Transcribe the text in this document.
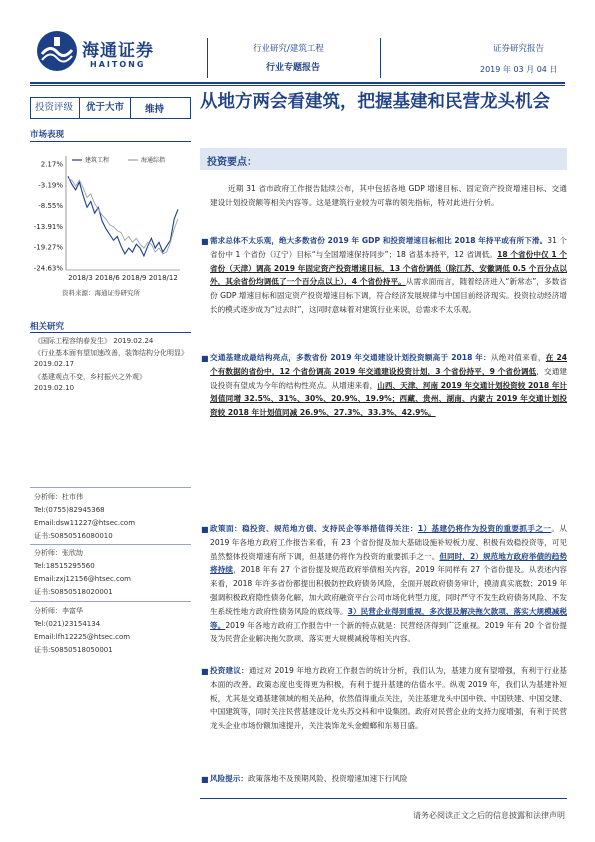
海通证券
HAITONG
行业研究/建筑工程
行业专题报告
证券研究报告
2019 年 03 月 04 日
投资评级	优于大市	维持
市场表现
2.17%
-3.19%
-8.55%
-13.91%
-19.27%
-24.63%
建筑工程	海通综指
2018/3 2018/6 2018/9 2018/12
资料来源：海通证券研究所
相关研究
《国际工程容纳春发生》 2019.02.24
《行业基本面有望加速改善，装饰结构分化明显》 2019.02.17
《基建观点不变，乡村振兴之外观》 2019.02.10
分析师：杜市伟
Tel:(0755)82945368
Email:dsw11227@htsec.com
证书:S0850516080010
分析师：张欣劼
Tel:18515295560
Email:zxj12156@htsec.com
证书:S0850518020001
分析师：李富华
Tel:(021)23154134
Email:lfh12225@htsec.com
证书:S0850518050001
从地方两会看建筑，把握基建和民营龙头机会
投资要点：
近期 31 省市政府工作报告陆续公布，其中包括各地 GDP 增速目标、固定资产投资增速目标、交通建设计划投资额等相关内容等。这是建筑行业较为可靠的领先指标，特对此进行分析。
■ 需求总体不太乐观，绝大多数省份 2019 年 GDP 和投资增速目标相比 2018 年持平或有所下滑。31 个省份中 1 个省份（辽宁）目标“与全国增速保持同步”；18 省基本持平，12 省调低。18 个省份中仅 1 个省份（天津）调高 2019 年固定资产投资增速目标，13 个省份调低（除江苏、安徽调低 0.5 个百分点以外，其余省份均调低了一个百分点以上），4 个省份持平。从需求面而言，随着经济进入“新常态”，多数省份 GDP 增速目标和固定资产投资增速目标下调，符合经济发展规律与中国目前经济现实。投资拉动经济增长的模式逐步成为“过去时”，这同时意味着对建筑行业来说，总需求不太乐观。
■ 交通基建成最结构亮点，多数省份 2019 年交通建设计划投资额高于 2018 年：从绝对值来看，在 24 个有数据的省份中，12 个省份调高 2019 年交通建设投资计划，3 个省份持平，9 个省份调低，交通建设投资有望成为今年的结构性亮点。从增速来看，山西、天津、河南 2019 年交通计划投资较 2018 年计划值同增 32.5%、31%、30%、20.9%、19.9%；西藏、贵州、湖南、内蒙古 2019 年交通计划投资较 2018 年计划值同减 26.9%、27.3%、33.3%、42.9%。
■ 政策面：稳投资、规范地方债、支持民企等举措值得关注：1）基建仍将作为投资的重要抓手之一。从 2019 年各地方政府工作报告来看，有 23 个省份提及加大基础设施补短板力度、积极有效稳投资等，可见虽然整体投资增速有所下调，但基建仍将作为投资的重要抓手之一。但同时，2）规范地方政府举债的趋势将持续，2018 年有 27 个省份提及规范政府举债相关内容，2019 年同样有 27 个省份提及。从表述内容来看，2018 年许多省份都提出积极防控政府债务风险，全面开展政府债务审计，摸清真实底数；2019 年强调积极政府隐性债务化解，加大政府融资平台公司市场化转型力度，同时严守不发生政府债务风险、不发生系统性地方政府性债务风险的底线等。3）民营企业得到重视，多次提及解决拖欠款项、落实大规模减税等。2019 年各地方政府工作报告中一个新的特点就是：民营经济得到广泛重视。2019 年有 20 个省份提及为民营企业解决拖欠款项、落实更大规模减税等相关内容。
■ 投资建议：通过对 2019 年地方政府工作报告的统计分析，我们认为，基建力度有望增强，有利于行业基本面的改善。政策态度也变得更为积极，有利于提升基建的估值水平。纵观 2019 年，我们认为基建补短板，尤其是交通基建领域的相关品种，依然值得重点关注，关注基建龙头中国中铁、中国铁建、中国交建、中国建筑等，同时关注民营基建设计龙头苏交科和中设集团。政府对民营企业的支持力度增强，有利于民营龙头企业市场份额加速提升，关注装饰龙头金螳螂和东易日盛。
■ 风险提示：政策落地不及预期风险、投资增速加速下行风险
请务必阅读正文之后的信息披露和法律声明
